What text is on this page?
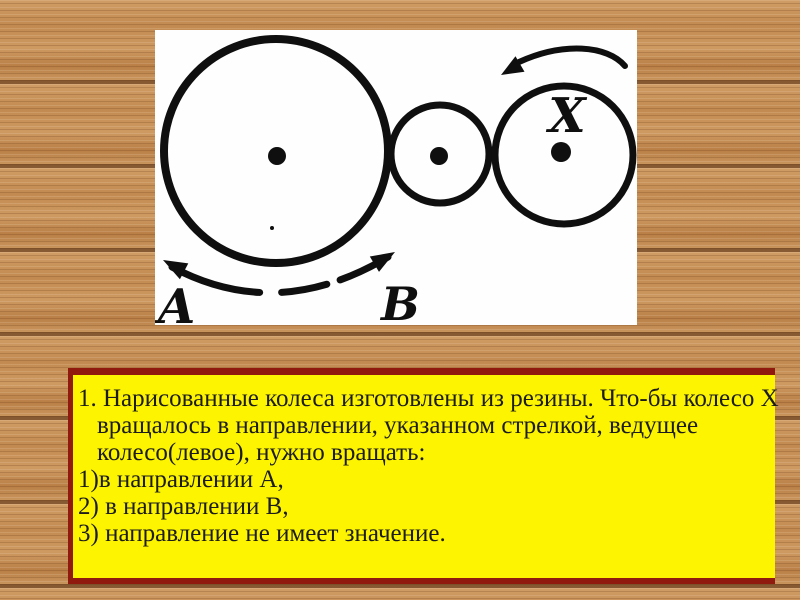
A	B
X
1. Нарисованные колеса изготовлены из резины. Что-бы колесо X
вращалось в направлении, указанном стрелкой, ведущее
колесо(левое), нужно вращать:
1)в направлении А,
2) в направлении В,
3) направление не имеет значение.
